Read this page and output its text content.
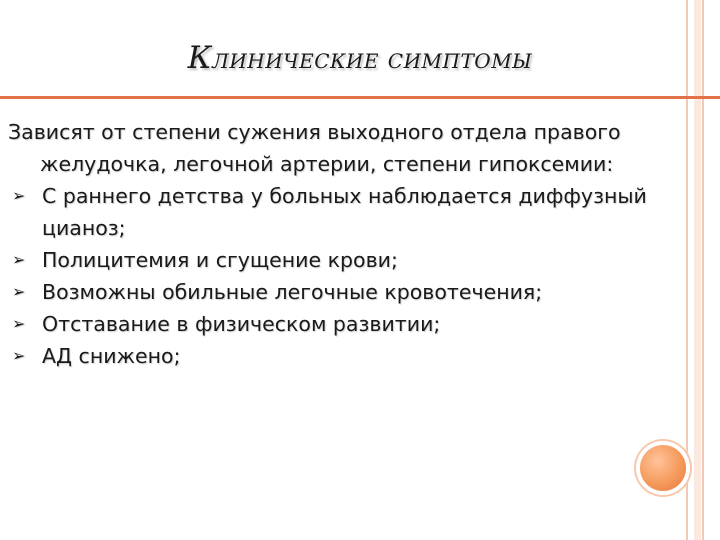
КЛИНИЧЕСКИЕ СИМПТОМЫ
Зависят от степени сужения выходного отдела правого
желудочка, легочной артерии, степени гипоксемии:
➢ С раннего детства у больных наблюдается диффузный
цианоз;
➢ Полицитемия и сгущение крови;
➢ Возможны обильные легочные кровотечения;
➢ Отставание в физическом развитии;
➢ АД снижено;
